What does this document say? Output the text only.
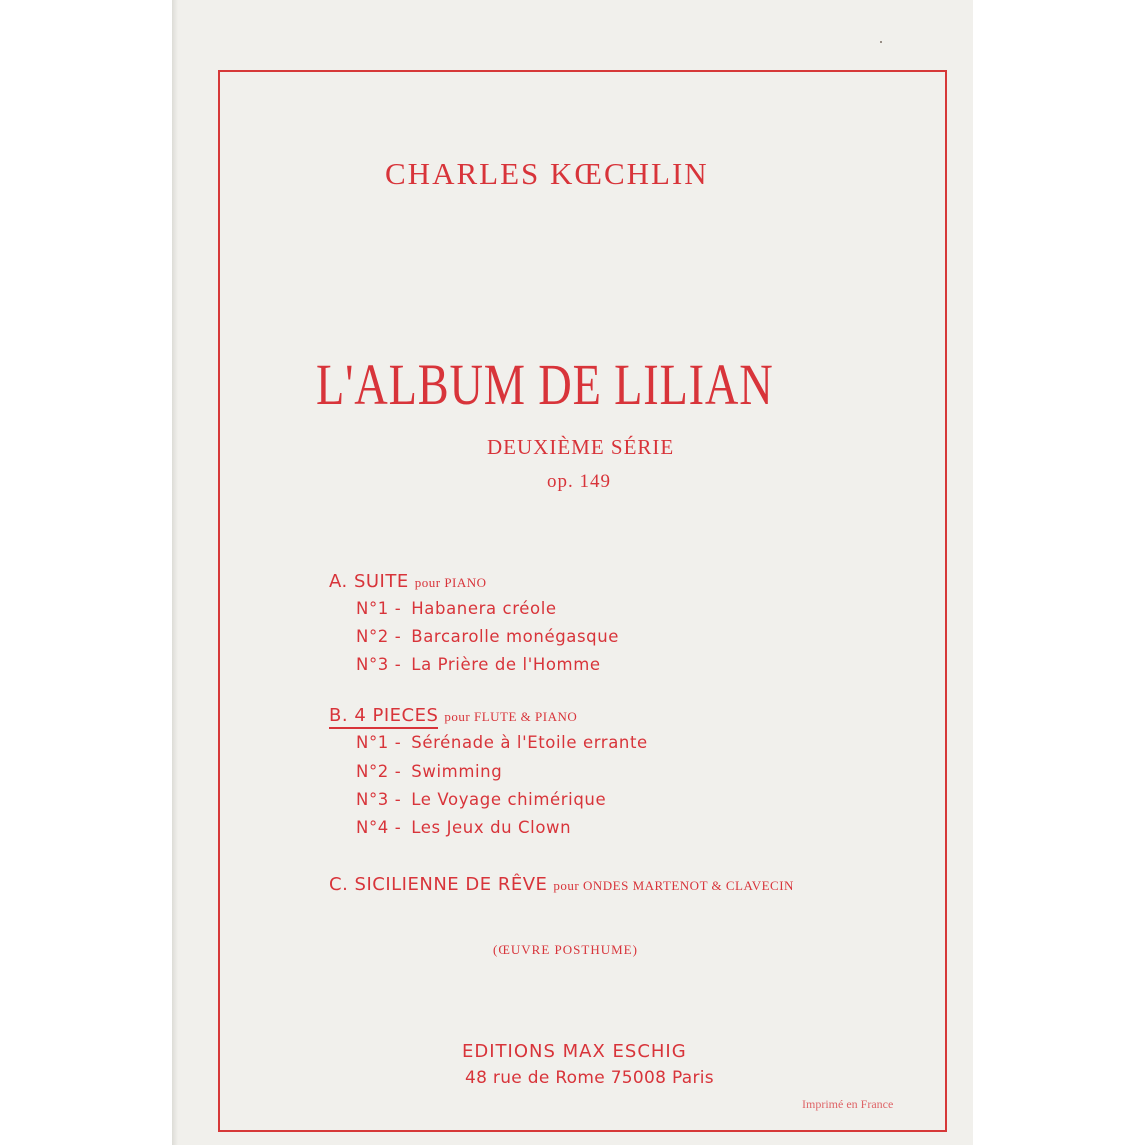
CHARLES KŒCHLIN

L'ALBUM DE LILIAN

DEUXIÈME SÉRIE

op. 149

A. SUITE pour PIANO

N°1 - Habanera créole

N°2 - Barcarolle monégasque

N°3 - La Prière de l'Homme

B. 4 PIECES pour FLUTE & PIANO

N°1 - Sérénade à l'Etoile errante

N°2 - Swimming

N°3 - Le Voyage chimérique

N°4 - Les Jeux du Clown

C. SICILIENNE DE RÊVE pour ONDES MARTENOT & CLAVECIN

(ŒUVRE POSTHUME)

EDITIONS MAX ESCHIG

48 rue de Rome 75008 Paris

Imprimé en France
